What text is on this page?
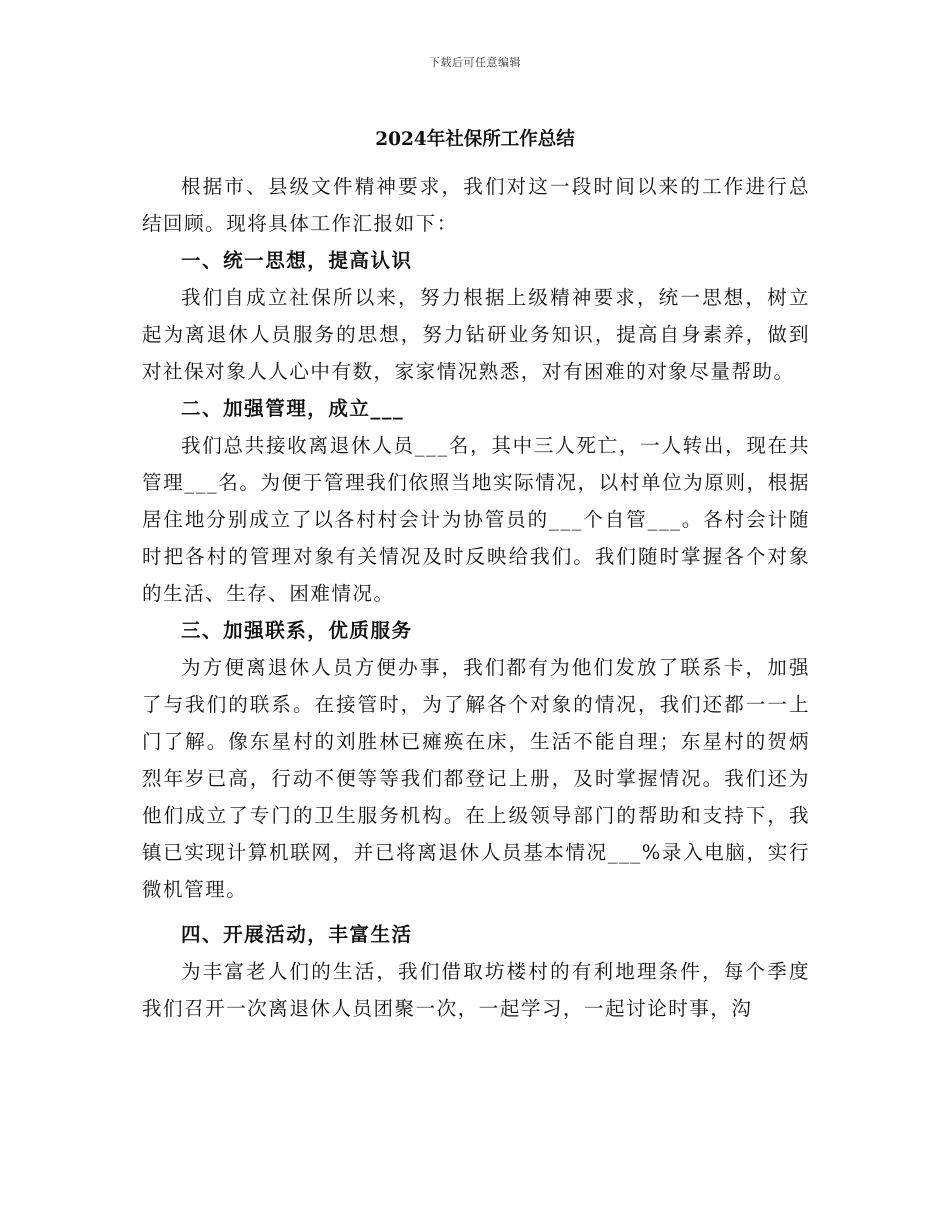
下载后可任意编辑
2024年社保所工作总结

根据市、县级文件精神要求，我们对这一段时间以来的工作进行总结回顾。现将具体工作汇报如下：

一、统一思想，提高认识

我们自成立社保所以来，努力根据上级精神要求，统一思想，树立起为离退休人员服务的思想，努力钻研业务知识，提高自身素养，做到对社保对象人人心中有数，家家情况熟悉，对有困难的对象尽量帮助。

二、加强管理，成立___

我们总共接收离退休人员___名，其中三人死亡，一人转出，现在共管理___名。为便于管理我们依照当地实际情况，以村单位为原则，根据居住地分别成立了以各村村会计为协管员的___个自管___。各村会计随时把各村的管理对象有关情况及时反映给我们。我们随时掌握各个对象的生活、生存、困难情况。

三、加强联系，优质服务

为方便离退休人员方便办事，我们都有为他们发放了联系卡，加强了与我们的联系。在接管时，为了解各个对象的情况，我们还都一一上门了解。像东星村的刘胜林已瘫痪在床，生活不能自理；东星村的贺炳烈年岁已高，行动不便等等我们都登记上册，及时掌握情况。我们还为他们成立了专门的卫生服务机构。在上级领导部门的帮助和支持下，我镇已实现计算机联网，并已将离退休人员基本情况___%录入电脑，实行微机管理。

四、开展活动，丰富生活

为丰富老人们的生活，我们借取坊楼村的有利地理条件，每个季度我们召开一次离退休人员团聚一次，一起学习，一起讨论时事，沟
